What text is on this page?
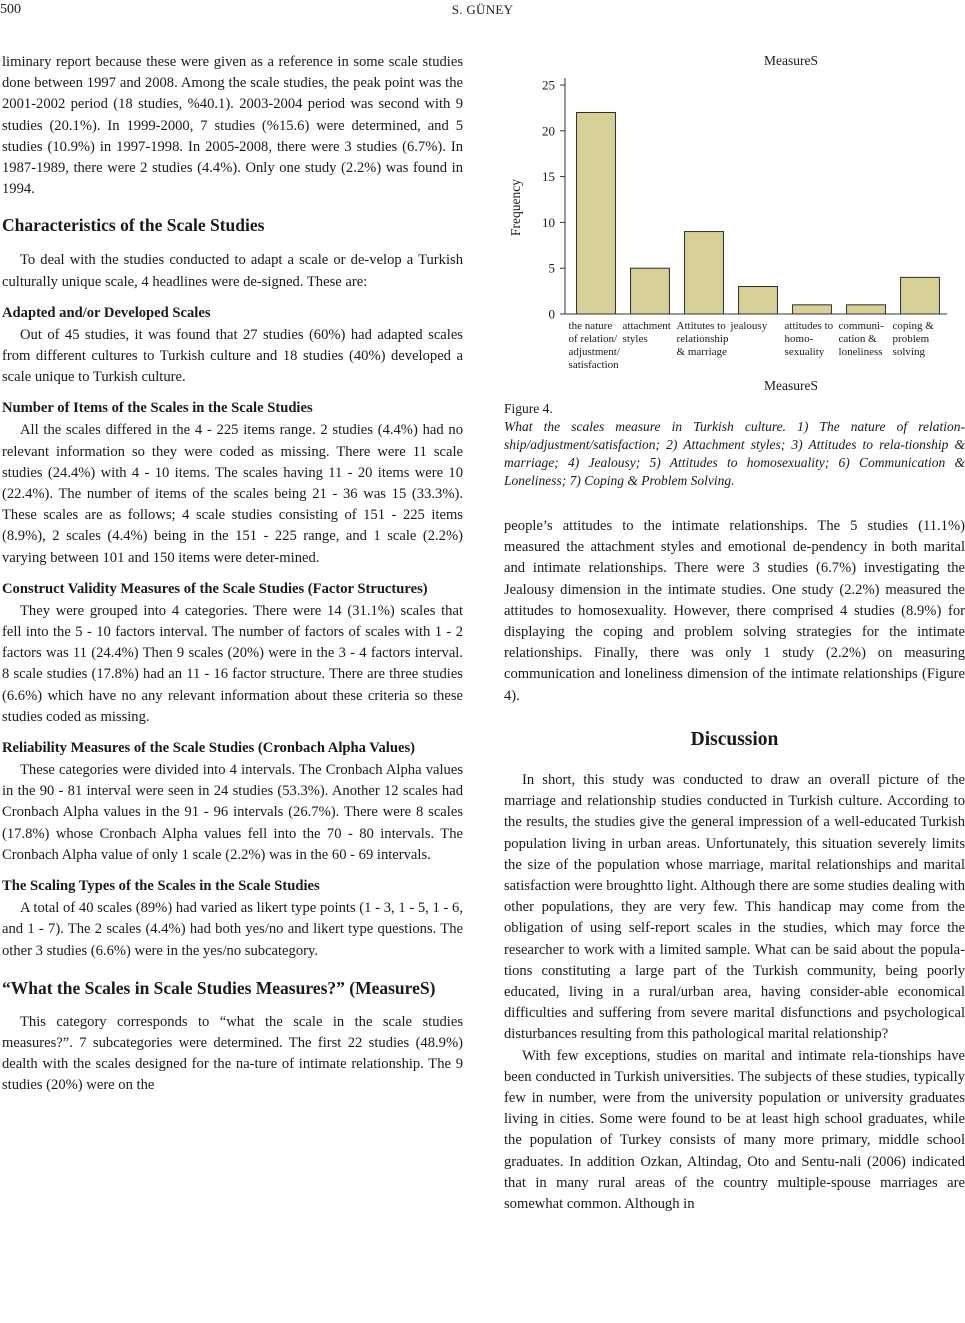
500	S. GÜNEY

liminary report because these were given as a reference in some scale studies done between 1997 and 2008. Among the scale studies, the peak point was the 2001-2002 period (18 studies, %40.1). 2003-2004 period was second with 9 studies (20.1%). In 1999-2000, 7 studies (%15.6) were determined, and 5 studies (10.9%) in 1997-1998. In 2005-2008, there were 3 studies (6.7%). In 1987-1989, there were 2 studies (4.4%). Only one study (2.2%) was found in 1994.

Characteristics of the Scale Studies

To deal with the studies conducted to adapt a scale or de-velop a Turkish culturally unique scale, 4 headlines were de-signed. These are:

Adapted and/or Developed Scales

Out of 45 studies, it was found that 27 studies (60%) had adapted scales from different cultures to Turkish culture and 18 studies (40%) developed a scale unique to Turkish culture.

Number of Items of the Scales in the Scale Studies

All the scales differed in the 4 - 225 items range. 2 studies (4.4%) had no relevant information so they were coded as missing. There were 11 scale studies (24.4%) with 4 - 10 items. The scales having 11 - 20 items were 10 (22.4%). The number of items of the scales being 21 - 36 was 15 (33.3%). These scales are as follows; 4 scale studies consisting of 151 - 225 items (8.9%), 2 scales (4.4%) being in the 151 - 225 range, and 1 scale (2.2%) varying between 101 and 150 items were deter-mined.

Construct Validity Measures of the Scale Studies (Factor Structures)

They were grouped into 4 categories. There were 14 (31.1%) scales that fell into the 5 - 10 factors interval. The number of factors of scales with 1 - 2 factors was 11 (24.4%) Then 9 scales (20%) were in the 3 - 4 factors interval. 8 scale studies (17.8%) had an 11 - 16 factor structure. There are three studies (6.6%) which have no any relevant information about these criteria so these studies coded as missing.

Reliability Measures of the Scale Studies (Cronbach Alpha Values)

These categories were divided into 4 intervals. The Cronbach Alpha values in the 90 - 81 interval were seen in 24 studies (53.3%). Another 12 scales had Cronbach Alpha values in the 91 - 96 intervals (26.7%). There were 8 scales (17.8%) whose Cronbach Alpha values fell into the 70 - 80 intervals. The Cronbach Alpha value of only 1 scale (2.2%) was in the 60 - 69 intervals.

The Scaling Types of the Scales in the Scale Studies

A total of 40 scales (89%) had varied as likert type points (1 - 3, 1 - 5, 1 - 6, and 1 - 7). The 2 scales (4.4%) had both yes/no and likert type questions. The other 3 studies (6.6%) were in the yes/no subcategory.

“What the Scales in Scale Studies Measures?” (MeasureS)

This category corresponds to “what the scale in the scale studies measures?”. 7 subcategories were determined. The first 22 studies (48.9%) dealth with the scales designed for the na-ture of intimate relationship. The 9 studies (20%) were on the

MeasureS
0
5
10
15
20
25
Frequency
the nature
of relation/
adjustment/
satisfaction
attachment
styles
Attitutes to
relationship
& marriage
jealousy attitudes to
homo-
sexuality
communi-
cation &
loneliness
coping &
problem
solving
MeasureS
Figure 4.
What the scales measure in Turkish culture. 1) The nature of relation-ship/adjustment/satisfaction; 2) Attachment styles; 3) Attitudes to rela-tionship & marriage; 4) Jealousy; 5) Attitudes to homosexuality; 6) Communication & Loneliness; 7) Coping & Problem Solving.

people’s attitudes to the intimate relationships. The 5 studies (11.1%) measured the attachment styles and emotional de-pendency in both marital and intimate relationships. There were 3 studies (6.7%) investigating the Jealousy dimension in the intimate studies. One study (2.2%) measured the attitudes to homosexuality. However, there comprised 4 studies (8.9%) for displaying the coping and problem solving strategies for the intimate relationships. Finally, there was only 1 study (2.2%) on measuring communication and loneliness dimension of the intimate relationships (Figure 4).

Discussion

In short, this study was conducted to draw an overall picture of the marriage and relationship studies conducted in Turkish culture. According to the results, the studies give the general impression of a well-educated Turkish population living in urban areas. Unfortunately, this situation severely limits the size of the population whose marriage, marital relationships and marital satisfaction were broughtto light. Although there are some studies dealing with other populations, they are very few. This handicap may come from the obligation of using self-report scales in the studies, which may force the researcher to work with a limited sample. What can be said about the popula-tions constituting a large part of the Turkish community, being poorly educated, living in a rural/urban area, having consider-able economical difficulties and suffering from severe marital disfunctions and psychological disturbances resulting from this pathological marital relationship?

With few exceptions, studies on marital and intimate rela-tionships have been conducted in Turkish universities. The subjects of these studies, typically few in number, were from the university population or university graduates living in cities. Some were found to be at least high school graduates, while the population of Turkey consists of many more primary, middle school graduates. In addition Ozkan, Altindag, Oto and Sentu-nali (2006) indicated that in many rural areas of the country multiple-spouse marriages are somewhat common. Although in
